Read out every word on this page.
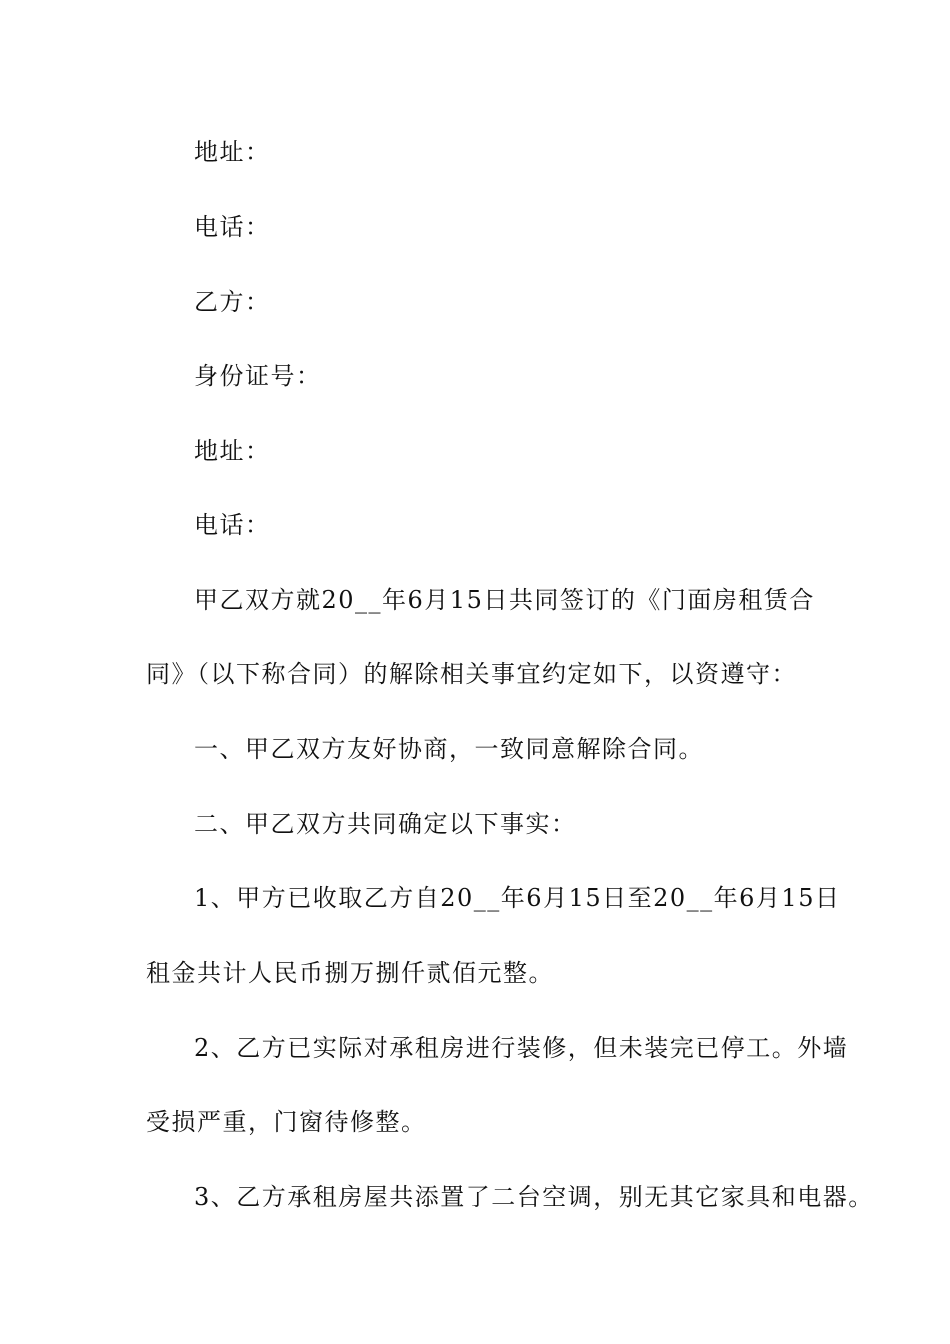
地址：
电话：
乙方：
身份证号：
地址：
电话：
甲乙双方就20__年6月15日共同签订的《门面房租赁合
同》（以下称合同）的解除相关事宜约定如下，以资遵守：
一、甲乙双方友好协商，一致同意解除合同。
二、甲乙双方共同确定以下事实：
1、甲方已收取乙方自20__年6月15日至20__年6月15日
租金共计人民币捌万捌仟贰佰元整。
2、乙方已实际对承租房进行装修，但未装完已停工。外墙
受损严重，门窗待修整。
3、乙方承租房屋共添置了二台空调，别无其它家具和电器。
